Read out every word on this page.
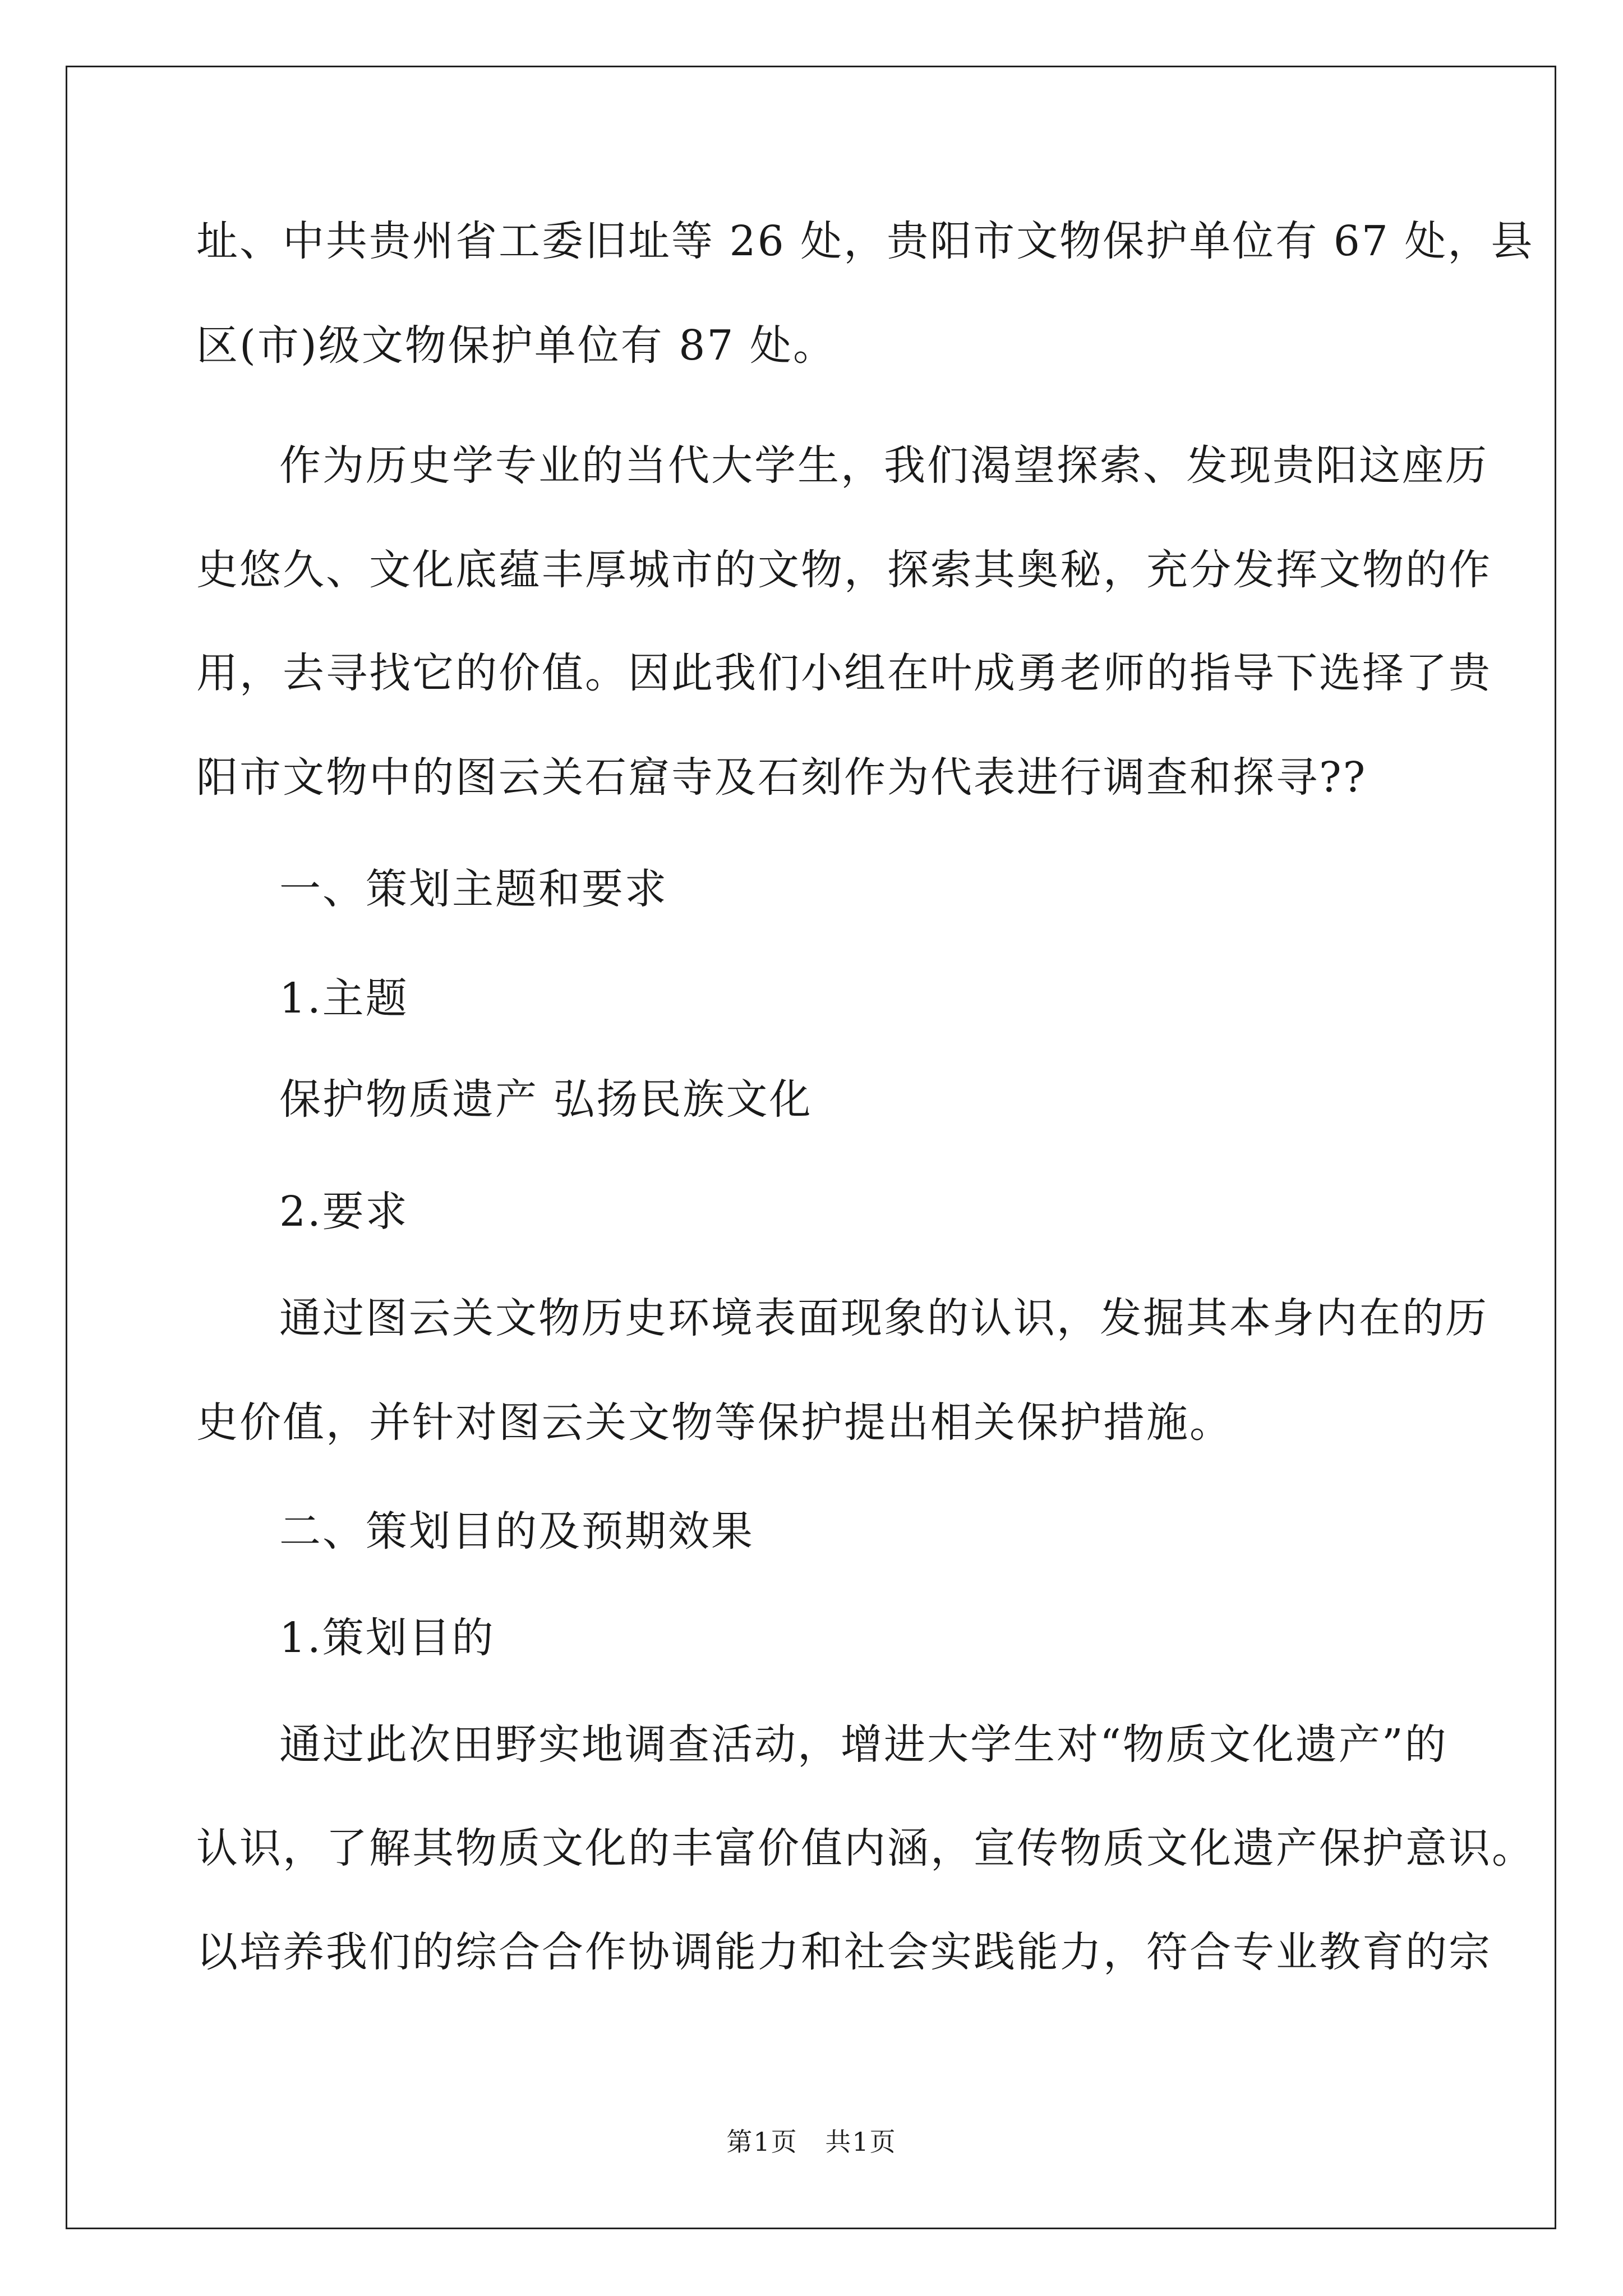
址、中共贵州省工委旧址等 26 处，贵阳市文物保护单位有 67 处，县
区(市)级文物保护单位有 87 处。
作为历史学专业的当代大学生，我们渴望探索、发现贵阳这座历
史悠久、文化底蕴丰厚城市的文物，探索其奥秘，充分发挥文物的作
用，去寻找它的价值。因此我们小组在叶成勇老师的指导下选择了贵
阳市文物中的图云关石窟寺及石刻作为代表进行调查和探寻??
一、策划主题和要求
1.主题
保护物质遗产 弘扬民族文化
2.要求
通过图云关文物历史环境表面现象的认识，发掘其本身内在的历
史价值，并针对图云关文物等保护提出相关保护措施。
二、策划目的及预期效果
1.策划目的
通过此次田野实地调查活动，增进大学生对“物质文化遗产”的
认识，了解其物质文化的丰富价值内涵，宣传物质文化遗产保护意识。
以培养我们的综合合作协调能力和社会实践能力，符合专业教育的宗
第1页 共1页
